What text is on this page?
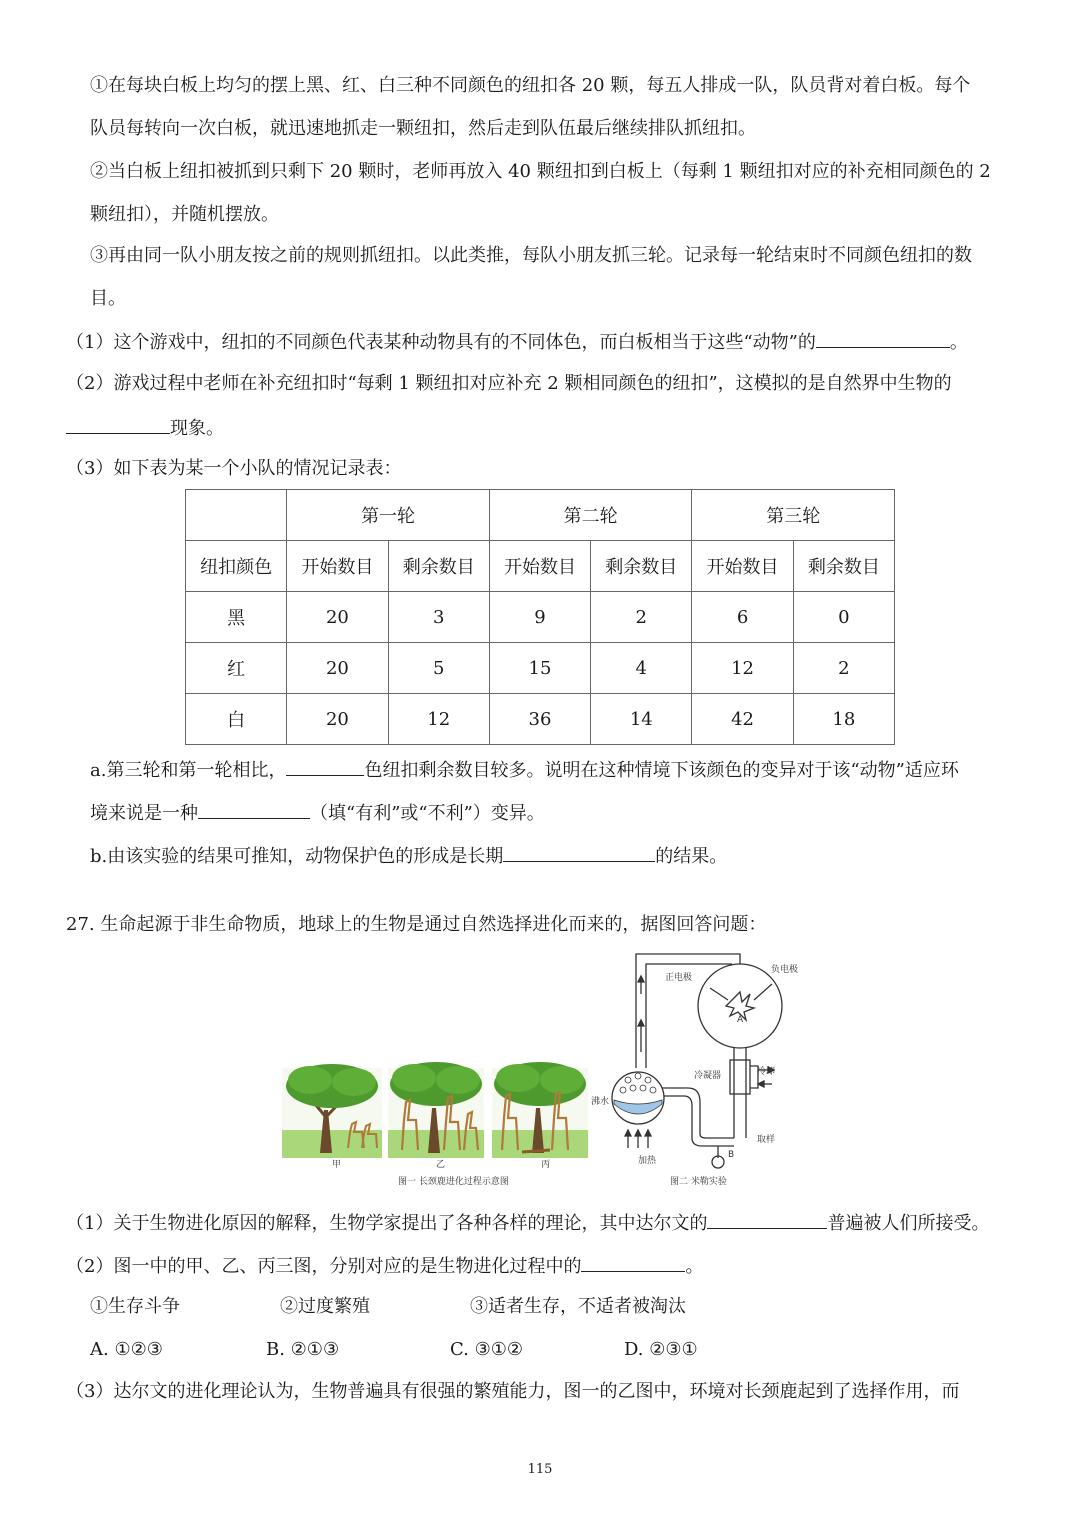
①在每块白板上均匀的摆上黑、红、白三种不同颜色的纽扣各 20 颗，每五人排成一队，队员背对着白板。每个
队员每转向一次白板，就迅速地抓走一颗纽扣，然后走到队伍最后继续排队抓纽扣。
②当白板上纽扣被抓到只剩下 20 颗时，老师再放入 40 颗纽扣到白板上（每剩 1 颗纽扣对应的补充相同颜色的 2
颗纽扣），并随机摆放。
③再由同一队小朋友按之前的规则抓纽扣。以此类推，每队小朋友抓三轮。记录每一轮结束时不同颜色纽扣的数
目。
（1）这个游戏中，纽扣的不同颜色代表某种动物具有的不同体色，而白板相当于这些“动物”的	。
（2）游戏过程中老师在补充纽扣时“每剩 1 颗纽扣对应补充 2 颗相同颜色的纽扣”，这模拟的是自然界中生物的
现象。
（3）如下表为某一个小队的情况记录表：
	第一轮		第二轮		第三轮	
纽扣颜色	开始数目	剩余数目	开始数目	剩余数目	开始数目	剩余数目
黑	20	3	9	2	6	0
红	20	5	15	4	12	2
白	20	12	36	14	42	18
a.第三轮和第一轮相比，	色纽扣剩余数目较多。说明在这种情境下该颜色的变异对于该“动物”适应环
境来说是一种	（填“有利”或“不利”）变异。
b.由该实验的结果可推知，动物保护色的形成是长期	的结果。
27. 生命起源于非生命物质，地球上的生物是通过自然选择进化而来的，据图回答问题：
甲	乙	丙
图一 长颈鹿进化过程示意图
正电极
负电极
A
冷凝器	冷却
沸水
取样
加热
B
图二 米勒实验
（1）关于生物进化原因的解释，生物学家提出了各种各样的理论，其中达尔文的	普遍被人们所接受。
（2）图一中的甲、乙、丙三图，分别对应的是生物进化过程中的	。
①生存斗争	②过度繁殖	③适者生存，不适者被淘汰
A. ①②③	B. ②①③	C. ③①②	D. ②③①
（3）达尔文的进化理论认为，生物普遍具有很强的繁殖能力，图一的乙图中，环境对长颈鹿起到了选择作用，而
115
